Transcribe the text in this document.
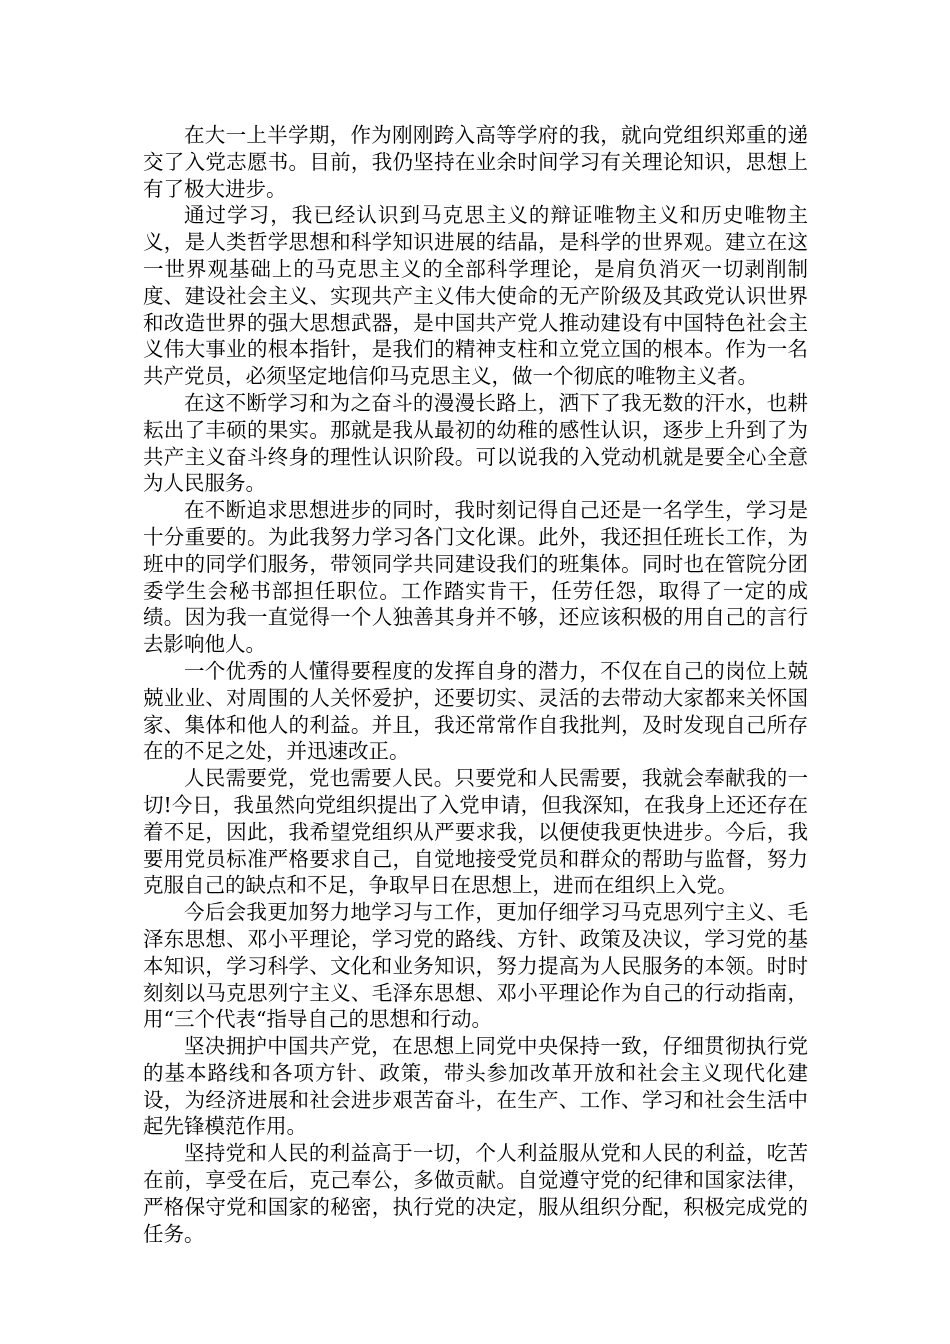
在大一上半学期，作为刚刚跨入高等学府的我，就向党组织郑重的递交了入党志愿书。目前，我仍坚持在业余时间学习有关理论知识，思想上有了极大进步。

通过学习，我已经认识到马克思主义的辩证唯物主义和历史唯物主义，是人类哲学思想和科学知识进展的结晶，是科学的世界观。建立在这一世界观基础上的马克思主义的全部科学理论，是肩负消灭一切剥削制度、建设社会主义、实现共产主义伟大使命的无产阶级及其政党认识世界和改造世界的强大思想武器，是中国共产党人推动建设有中国特色社会主义伟大事业的根本指针，是我们的精神支柱和立党立国的根本。作为一名共产党员，必须坚定地信仰马克思主义，做一个彻底的唯物主义者。

在这不断学习和为之奋斗的漫漫长路上，洒下了我无数的汗水，也耕耘出了丰硕的果实。那就是我从最初的幼稚的感性认识，逐步上升到了为共产主义奋斗终身的理性认识阶段。可以说我的入党动机就是要全心全意为人民服务。

在不断追求思想进步的同时，我时刻记得自己还是一名学生，学习是十分重要的。为此我努力学习各门文化课。此外，我还担任班长工作，为班中的同学们服务，带领同学共同建设我们的班集体。同时也在管院分团委学生会秘书部担任职位。工作踏实肯干，任劳任怨，取得了一定的成绩。因为我一直觉得一个人独善其身并不够，还应该积极的用自己的言行去影响他人。

一个优秀的人懂得要程度的发挥自身的潜力，不仅在自己的岗位上兢兢业业、对周围的人关怀爱护，还要切实、灵活的去带动大家都来关怀国家、集体和他人的利益。并且，我还常常作自我批判，及时发现自己所存在的不足之处，并迅速改正。

人民需要党，党也需要人民。只要党和人民需要，我就会奉献我的一切!今日，我虽然向党组织提出了入党申请，但我深知，在我身上还还存在着不足，因此，我希望党组织从严要求我，以便使我更快进步。今后，我要用党员标准严格要求自己，自觉地接受党员和群众的帮助与监督，努力克服自己的缺点和不足，争取早日在思想上，进而在组织上入党。

今后会我更加努力地学习与工作，更加仔细学习马克思列宁主义、毛泽东思想、邓小平理论，学习党的路线、方针、政策及决议，学习党的基本知识，学习科学、文化和业务知识，努力提高为人民服务的本领。时时刻刻以马克思列宁主义、毛泽东思想、邓小平理论作为自己的行动指南，用“三个代表“指导自己的思想和行动。

坚决拥护中国共产党，在思想上同党中央保持一致，仔细贯彻执行党的基本路线和各项方针、政策，带头参加改革开放和社会主义现代化建设，为经济进展和社会进步艰苦奋斗，在生产、工作、学习和社会生活中起先锋模范作用。

坚持党和人民的利益高于一切，个人利益服从党和人民的利益，吃苦在前，享受在后，克己奉公，多做贡献。自觉遵守党的纪律和国家法律，严格保守党和国家的秘密，执行党的决定，服从组织分配，积极完成党的任务。
